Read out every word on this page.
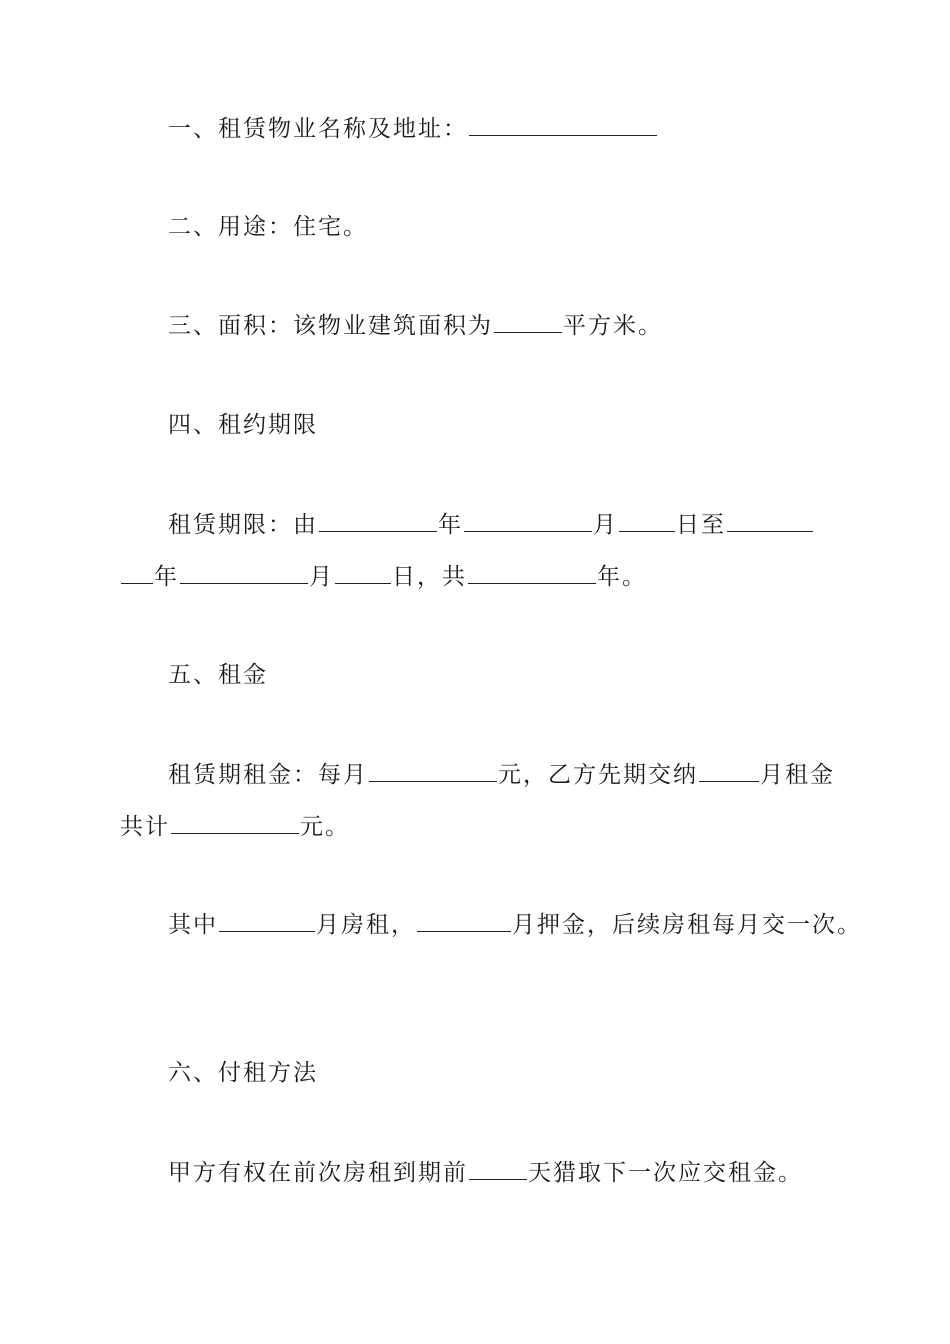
一、租赁物业名称及地址：
二、用途：住宅。
三、面积：该物业建筑面积为	平方米。
四、租约期限
租赁期限：由	年	月	日至
年	月	日，共	年。
五、租金
租赁期租金：每月	元，乙方先期交纳	月租金
共计	元。
其中	月房租，	月押金，后续房租每月交一次。
六、付租方法
甲方有权在前次房租到期前	天猎取下一次应交租金。
